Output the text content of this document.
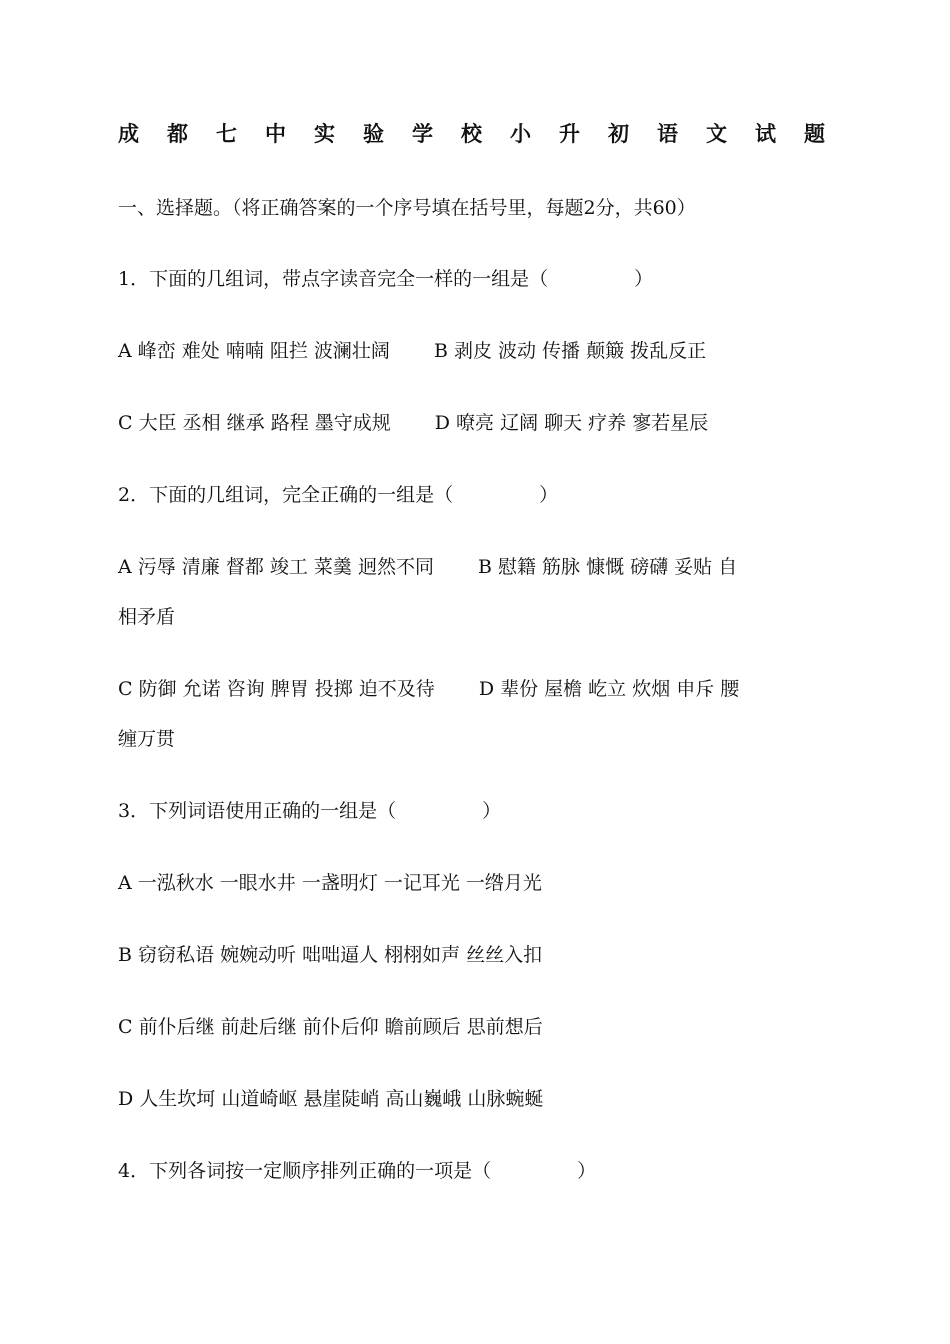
成都七中实验学校小升初语文试题
一、选择题。（将正确答案的一个序号填在括号里，每题2分，共60）
1．下面的几组词，带点字读音完全一样的一组是（	）
A 峰峦 难处 喃喃 阻拦 波澜壮阔　　 B 剥皮 波动 传播 颠簸 拨乱反正
C 大臣 丞相 继承 路程 墨守成规　　 D 嘹亮 辽阔 聊天 疗养 寥若星辰
2．下面的几组词，完全正确的一组是（	）
A 污辱 清廉 督都 竣工 菜羹 迥然不同　　 B 慰籍 筋脉 慷慨 磅礴 妥贴 自
相矛盾
C 防御 允诺 咨询 脾胃 投掷 迫不及待　　 D 辈份 屋檐 屹立 炊烟 申斥 腰
缠万贯
3．下列词语使用正确的一组是（	）
A 一泓秋水 一眼水井 一盏明灯 一记耳光 一绺月光
B 窃窃私语 婉婉动听 咄咄逼人 栩栩如声 丝丝入扣
C 前仆后继 前赴后继 前仆后仰 瞻前顾后 思前想后
D 人生坎坷 山道崎岖 悬崖陡峭 高山巍峨 山脉蜿蜒
4．下列各词按一定顺序排列正确的一项是（	）
